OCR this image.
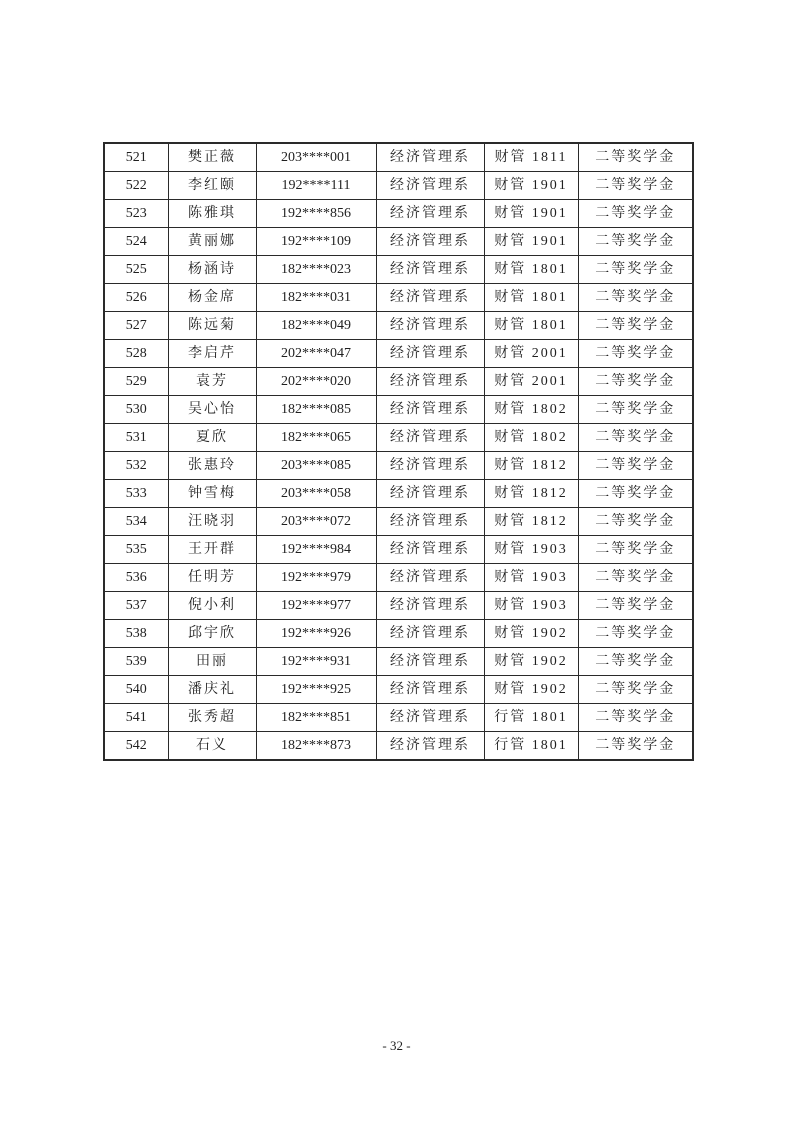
521	樊正薇	203****001	经济管理系	财管 1811	二等奖学金
522	李红颐	192****111	经济管理系	财管 1901	二等奖学金
523	陈雅琪	192****856	经济管理系	财管 1901	二等奖学金
524	黄丽娜	192****109	经济管理系	财管 1901	二等奖学金
525	杨涵诗	182****023	经济管理系	财管 1801	二等奖学金
526	杨金席	182****031	经济管理系	财管 1801	二等奖学金
527	陈远菊	182****049	经济管理系	财管 1801	二等奖学金
528	李启芹	202****047	经济管理系	财管 2001	二等奖学金
529	袁芳	202****020	经济管理系	财管 2001	二等奖学金
530	吴心怡	182****085	经济管理系	财管 1802	二等奖学金
531	夏欣	182****065	经济管理系	财管 1802	二等奖学金
532	张惠玲	203****085	经济管理系	财管 1812	二等奖学金
533	钟雪梅	203****058	经济管理系	财管 1812	二等奖学金
534	汪晓羽	203****072	经济管理系	财管 1812	二等奖学金
535	王开群	192****984	经济管理系	财管 1903	二等奖学金
536	任明芳	192****979	经济管理系	财管 1903	二等奖学金
537	倪小利	192****977	经济管理系	财管 1903	二等奖学金
538	邱宇欣	192****926	经济管理系	财管 1902	二等奖学金
539	田丽	192****931	经济管理系	财管 1902	二等奖学金
540	潘庆礼	192****925	经济管理系	财管 1902	二等奖学金
541	张秀超	182****851	经济管理系	行管 1801	二等奖学金
542	石义	182****873	经济管理系	行管 1801	二等奖学金
- 32 -
